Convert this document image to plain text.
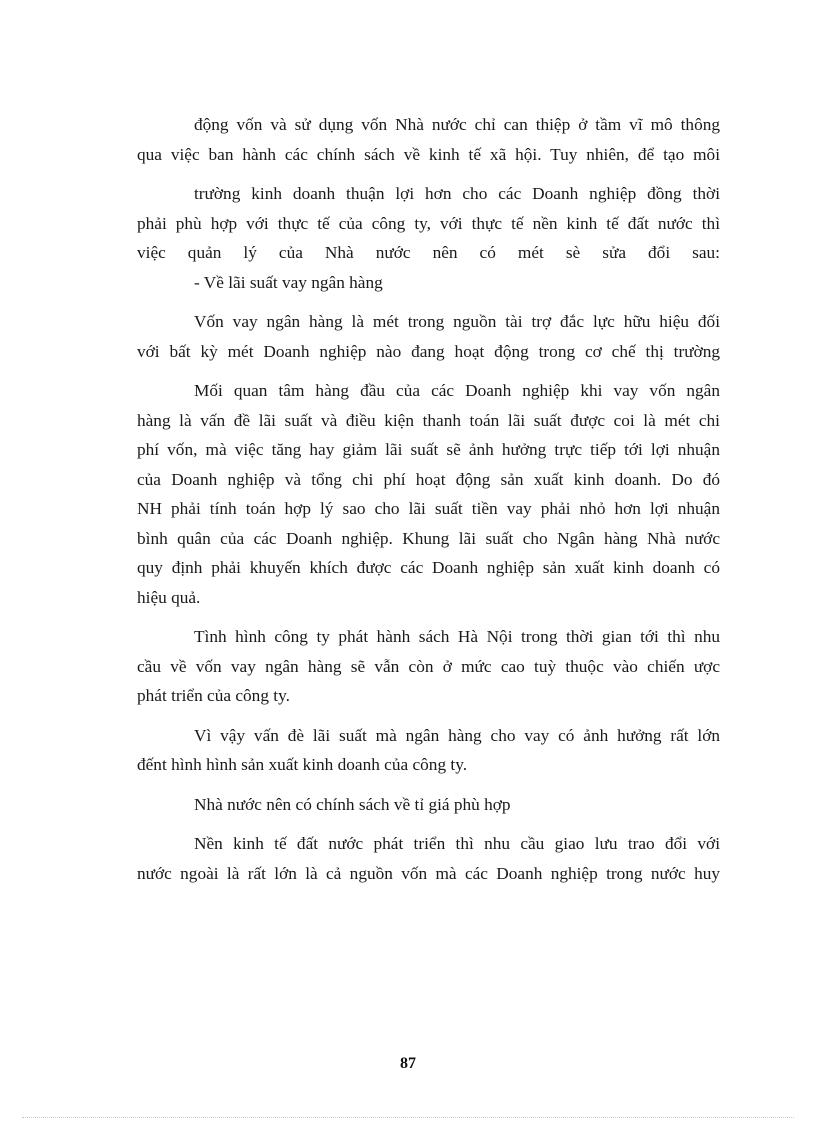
động vốn và sử dụng vốn Nhà nước chỉ can thiệp ở tầm vĩ mô thông
qua việc ban hành các chính sách về kinh tế xã hội. Tuy nhiên, để tạo môi
trường kinh doanh thuận lợi hơn cho các Doanh nghiệp đồng thời
phải phù hợp với thực tế của công ty, với thực tế nền kinh tế đất nước thì
việc quản lý của Nhà nước nên có mét sè sửa đổi sau:
- Về lãi suất vay ngân hàng
Vốn vay ngân hàng là mét trong nguồn tài trợ đắc lực hữu hiệu đối
với bất kỳ mét Doanh nghiệp nào đang hoạt động trong cơ chế thị trường
Mối quan tâm hàng đầu của các Doanh nghiệp khi vay vốn ngân
hàng là vấn đề lãi suất và điều kiện thanh toán lãi suất được coi là mét chi
phí vốn, mà việc tăng hay giảm lãi suất sẽ ảnh hưởng trực tiếp tới lợi nhuận
của Doanh nghiệp và tổng chi phí hoạt động sản xuất kinh doanh. Do đó
NH phải tính toán hợp lý sao cho lãi suất tiền vay phải nhỏ hơn lợi nhuận
bình quân của các Doanh nghiệp. Khung lãi suất cho Ngân hàng Nhà nước
quy định phải khuyến khích được các Doanh nghiệp sản xuất kinh doanh có
hiệu quả.
Tình hình công ty phát hành sách Hà Nội trong thời gian tới thì nhu
cầu về vốn vay ngân hàng sẽ vẫn còn ở mức cao tuỳ thuộc vào chiến ược
phát triển của công ty.
Vì vậy vấn đè lãi suất mà ngân hàng cho vay có ảnh hưởng rất lớn
đếnt hình hình sản xuất kinh doanh của công ty.
Nhà nước nên có chính sách về tỉ giá phù hợp
Nền kinh tế đất nước phát triển thì nhu cầu giao lưu trao đổi với
nước ngoài là rất lớn là cả nguồn vốn mà các Doanh nghiệp trong nước huy
87
